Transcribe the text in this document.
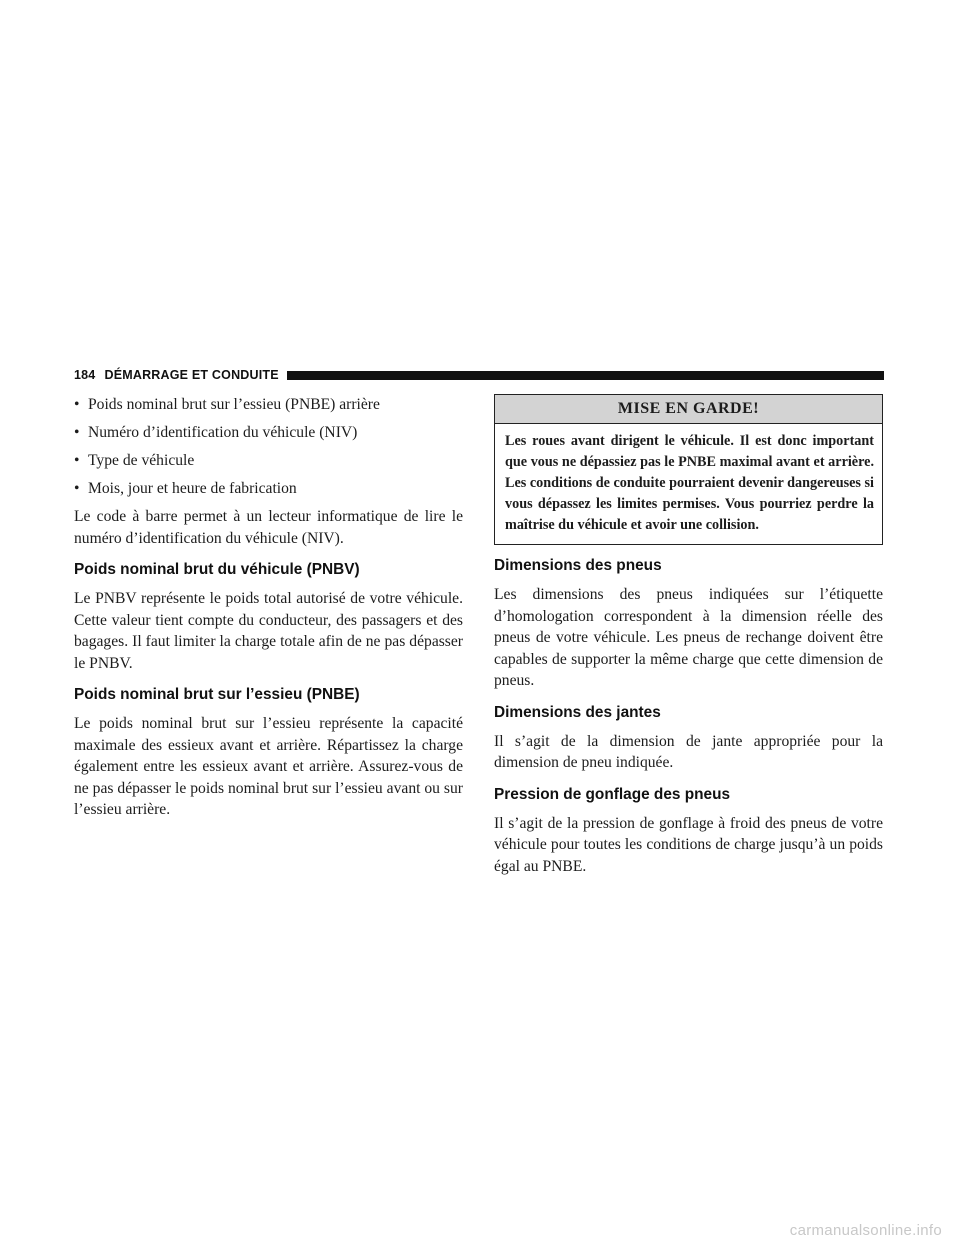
184 DÉMARRAGE ET CONDUITE
• Poids nominal brut sur l’essieu (PNBE) arrière
• Numéro d’identification du véhicule (NIV)
• Type de véhicule
• Mois, jour et heure de fabrication

Le code à barre permet à un lecteur informatique de lire le numéro d’identification du véhicule (NIV).

Poids nominal brut du véhicule (PNBV)

Le PNBV représente le poids total autorisé de votre véhicule. Cette valeur tient compte du conducteur, des passagers et des bagages. Il faut limiter la charge totale afin de ne pas dépasser le PNBV.

Poids nominal brut sur l’essieu (PNBE)

Le poids nominal brut sur l’essieu représente la capacité maximale des essieux avant et arrière. Répartissez la charge également entre les essieux avant et arrière. Assurez-vous de ne pas dépasser le poids nominal brut sur l’essieu avant ou sur l’essieu arrière.

MISE EN GARDE!
Les roues avant dirigent le véhicule. Il est donc important que vous ne dépassiez pas le PNBE maximal avant et arrière. Les conditions de conduite pourraient devenir dangereuses si vous dépassez les limites permises. Vous pourriez perdre la maîtrise du véhicule et avoir une collision.
Dimensions des pneus

Les dimensions des pneus indiquées sur l’étiquette d’homologation correspondent à la dimension réelle des pneus de votre véhicule. Les pneus de rechange doivent être capables de supporter la même charge que cette dimension de pneus.

Dimensions des jantes

Il s’agit de la dimension de jante appropriée pour la dimension de pneu indiquée.

Pression de gonflage des pneus

Il s’agit de la pression de gonflage à froid des pneus de votre véhicule pour toutes les conditions de charge jusqu’à un poids égal au PNBE.

carmanualsonline.info
